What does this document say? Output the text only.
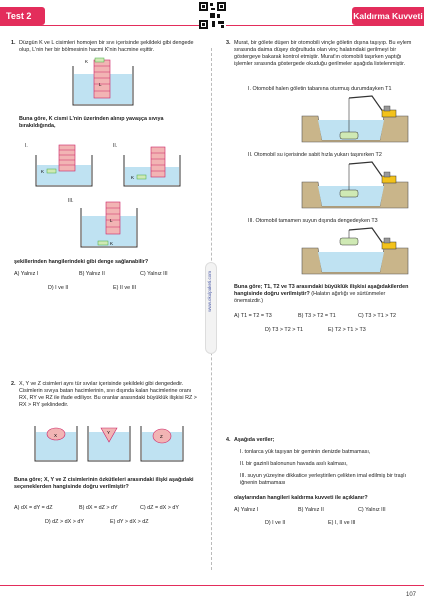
Test 2	Kaldırma Kuvveti
www.okulpaketi.com
1. Düzgün K ve L cisimleri homojen bir sıvı içerisinde şekildeki gibi dengede olup, L'nin her bir bölmesinin hacmi K'nin hacmine eşittir.
K
L
Buna göre, K cismi L'nin üzerinden alınıp yavaşça sıvıya bırakıldığında,
I.
K
II.
K
III.
L
K
şekillerinden hangilerindeki gibi denge sağlanabilir?
A) Yalnız I	B) Yalnız II	C) Yalnız III
D) I ve II	E) II ve III
2. X, Y ve Z cisimleri aynı tür sıvılar içerisinde şekildeki gibi dengededir. Cisimlerin sıvıya batan hacimlerinin, sıvı dışında kalan hacimlerine oranı RX, RY ve RZ ile ifade ediliyor. Bu oranlar arasındaki büyüklük ilişkisi RZ > RX > RY şeklindedir.
X
Y
Z
Buna göre; X, Y ve Z cisimlerinin özkütleleri arasındaki ilişki aşağıdaki seçeneklerden hangisinde doğru verilmiştir?
A) dX = dY = dZ	B) dX = dZ > dY	C) dZ = dX > dY
D) dZ > dX > dY	E) dY > dX > dZ
3. Murat, bir gölete düşen bir otomobili vinçle göletin dışına taşıyıp. Bu eylem sırasında daima düşey doğrultuda olan vinç halatındaki gerilmeyi bir göstergeye bakarak kontrol etmiştir. Murat'ın otomobili taşırken yaptığı işlemler sırasında göstergede okuduğu gerilmeler aşağıda listelenmiştir.
I. Otomobil halen göletin tabanına oturmuş durumdayken T1
II. Otomobil su içerisinde sabit hızla yukarı taşınırken T2
III. Otomobil tamamen suyun dışında dengedeyken T3
Buna göre; T1, T2 ve T3 arasındaki büyüklük ilişkisi aşağıdakilerden hangisinde doğru verilmiştir? (Halatın ağırlığı ve sürtünmeler önemsizdir.)
A) T1 = T2 = T3	B) T3 > T2 = T1	C) T3 > T1 > T2
D) T3 > T2 > T1	E) T2 > T1 > T3
4. Aşağıda veriler;
I. tonlarca yük taşıyan bir geminin denizde batmaması,
II. bir gazinli balonunun havada asılı kalması,
III. suyun yüzeyine dikkatice yerleştirilen çelikten imal edilmiş bir traşlı iğnenin batmaması
olaylarından hangileri kaldırma kuvveti ile açıklanır?
A) Yalnız I	B) Yalnız II	C) Yalnız III
D) I ve II	E) I, II ve III
107
